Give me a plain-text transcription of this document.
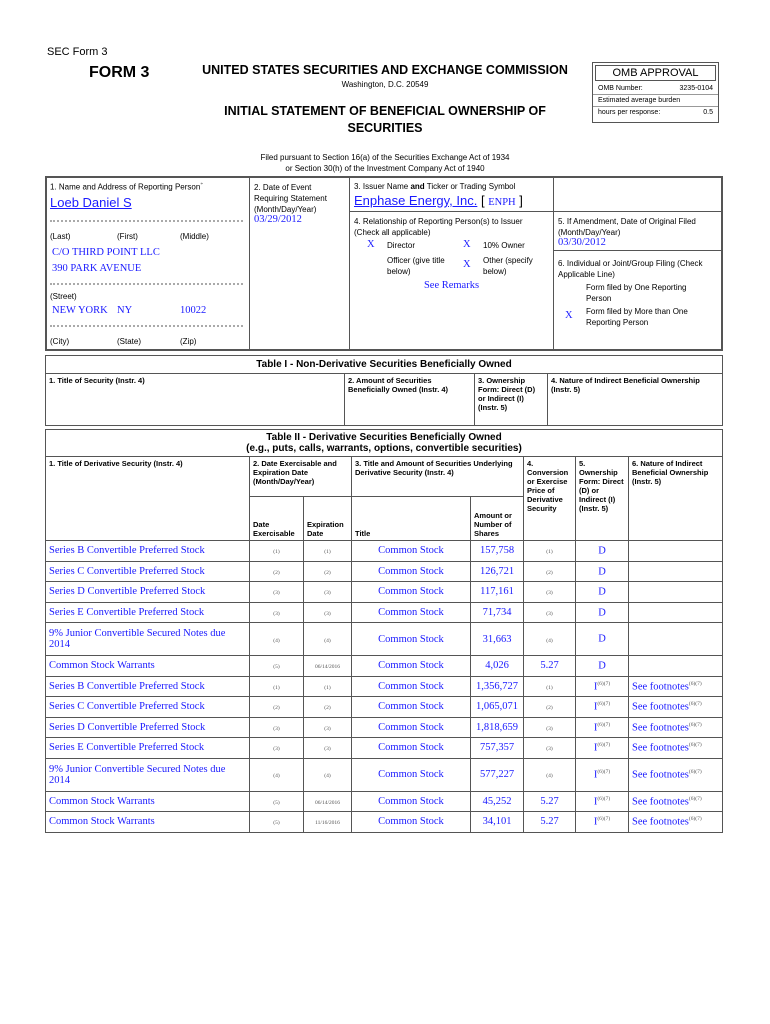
SEC Form 3
FORM 3	UNITED STATES SECURITIES AND EXCHANGE COMMISSION
Washington, D.C. 20549
INITIAL STATEMENT OF BENEFICIAL OWNERSHIP OF
SECURITIES
Filed pursuant to Section 16(a) of the Securities Exchange Act of 1934
or Section 30(h) of the Investment Company Act of 1940
OMB APPROVAL
OMB Number:	3235-0104
Estimated average burden
hours per response:	0.5
1. Name and Address of Reporting Person*
Loeb Daniel S
(Last)	(First)	(Middle)
C/O THIRD POINT LLC
390 PARK AVENUE
(Street)
NEW YORK NY	10022
(City)	(State)	(Zip)
2. Date of Event
Requiring Statement
(Month/Day/Year)
03/29/2012
3. Issuer Name and Ticker or Trading Symbol
Enphase Energy, Inc. [ ENPH ]
4. Relationship of Reporting Person(s) to Issuer
(Check all applicable)
X Director	X 10% Owner
Officer (give title below)
X Other (specify below)
See Remarks
5. If Amendment, Date of Original Filed
(Month/Day/Year)
03/30/2012
6. Individual or Joint/Group Filing (Check Applicable Line)
Form filed by One Reporting Person
X Form filed by More than One Reporting Person
Table I - Non-Derivative Securities Beneficially Owned
1. Title of Security (Instr. 4)	2. Amount of Securities Beneficially Owned (Instr. 4)	3. Ownership Form: Direct (D) or Indirect (I) (Instr. 5)	4. Nature of Indirect Beneficial Ownership (Instr. 5)
Table II - Derivative Securities Beneficially Owned
(e.g., puts, calls, warrants, options, convertible securities)							

1. Title of Derivative Security (Instr. 4)	2. Date Exercisable and Expiration Date (Month/Day/Year)		3. Title and Amount of Securities Underlying Derivative Security (Instr. 4)		4. Conversion or Exercise Price of Derivative Security	5. Ownership Form: Direct (D) or Indirect (I) (Instr. 5)	6. Nature of Indirect Beneficial Ownership (Instr. 5)
	Date Exercisable	Expiration Date	Title	Amount or Number of Shares			
Series B Convertible Preferred Stock	(1)	(1)	Common Stock	157,758	(1)	D	
Series C Convertible Preferred Stock	(2)	(2)	Common Stock	126,721	(2)	D	
Series D Convertible Preferred Stock	(3)	(3)	Common Stock	117,161	(3)	D	
Series E Convertible Preferred Stock	(3)	(3)	Common Stock	71,734	(3)	D	
9% Junior Convertible Secured Notes due 2014	(4)	(4)	Common Stock	31,663	(4)	D	
Common Stock Warrants	(5)	06/14/2016	Common Stock	4,026	5.27	D	
Series B Convertible Preferred Stock	(1)	(1)	Common Stock	1,356,727	(1)	$I^{(6)(7)}$	See footnotes$^{(6)(7)}$
Series C Convertible Preferred Stock	(2)	(2)	Common Stock	1,065,071	(2)	$I^{(6)(7)}$	See footnotes$^{(6)(7)}$
Series D Convertible Preferred Stock	(3)	(3)	Common Stock	1,818,659	(3)	$I^{(6)(7)}$	See footnotes$^{(6)(7)}$
Series E Convertible Preferred Stock	(3)	(3)	Common Stock	757,357	(3)	$I^{(6)(7)}$	See footnotes$^{(6)(7)}$
9% Junior Convertible Secured Notes due 2014	(4)	(4)	Common Stock	577,227	(4)	$I^{(6)(7)}$	See footnotes$^{(6)(7)}$
Common Stock Warrants	(5)	06/14/2016	Common Stock	45,252	5.27	$I^{(6)(7)}$	See footnotes$^{(6)(7)}$
Common Stock Warrants	(5)	11/16/2016	Common Stock	34,101	5.27	$I^{(6)(7)}$	See footnotes$^{(6)(7)}$
